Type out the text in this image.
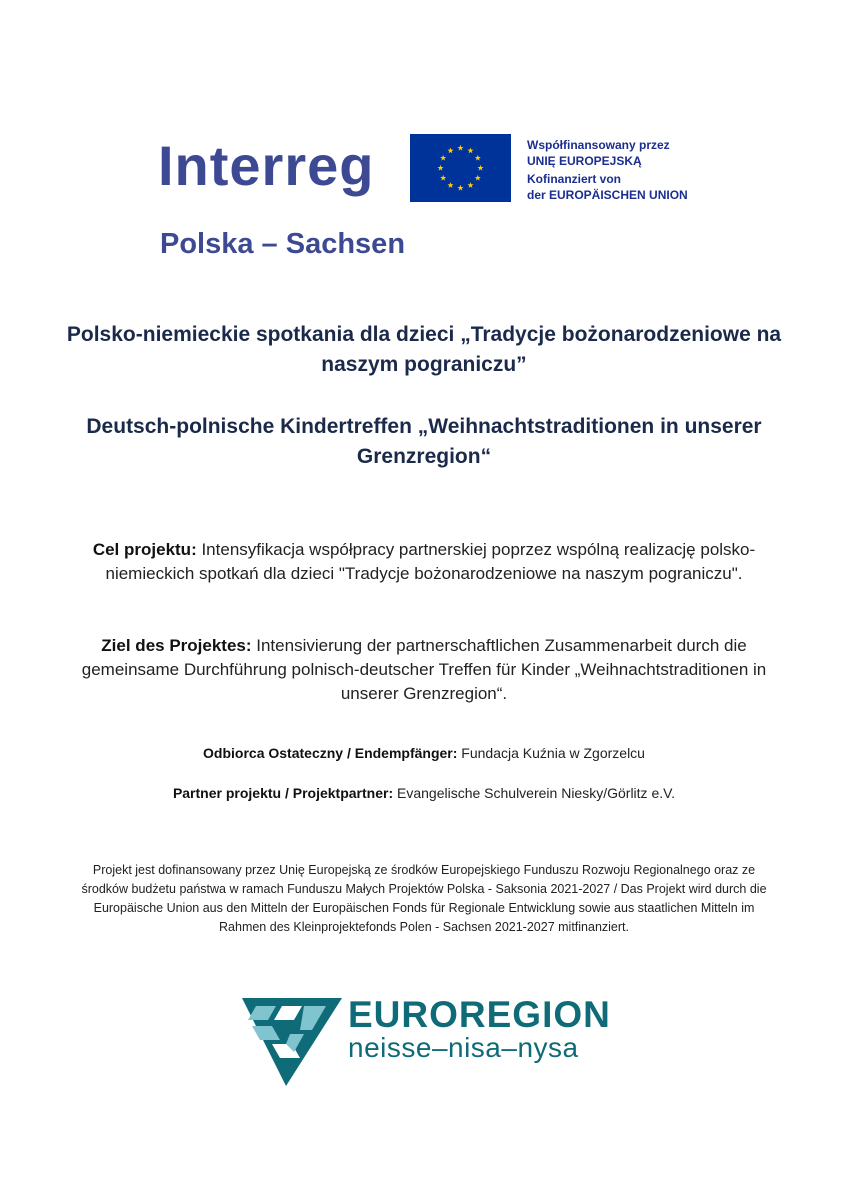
Interreg
Polska – Sachsen
Współfinansowany przez
UNIĘ EUROPEJSKĄ
Kofinanziert von
der EUROPÄISCHEN UNION
Polsko-niemieckie spotkania dla dzieci „Tradycje bożonarodzeniowe na naszym pograniczu”
Deutsch-polnische Kindertreffen „Weihnachtstraditionen in unserer Grenzregion“
Cel projektu: Intensyfikacja współpracy partnerskiej poprzez wspólną realizację polsko-niemieckich spotkań dla dzieci "Tradycje bożonarodzeniowe na naszym pograniczu".
Ziel des Projektes: Intensivierung der partnerschaftlichen Zusammenarbeit durch die gemeinsame Durchführung polnisch-deutscher Treffen für Kinder „Weihnachtstraditionen in unserer Grenzregion“.
Odbiorca Ostateczny / Endempfänger: Fundacja Kuźnia w Zgorzelcu
Partner projektu / Projektpartner: Evangelische Schulverein Niesky/Görlitz e.V.
Projekt jest dofinansowany przez Unię Europejską ze środków Europejskiego Funduszu Rozwoju Regionalnego oraz ze środków budżetu państwa w ramach Funduszu Małych Projektów Polska - Saksonia 2021-2027 / Das Projekt wird durch die Europäische Union aus den Mitteln der Europäischen Fonds für Regionale Entwicklung sowie aus staatlichen Mitteln im Rahmen des Kleinprojektefonds Polen - Sachsen 2021-2027 mitfinanziert.
EUROREGION
neisse–nisa–nysa
